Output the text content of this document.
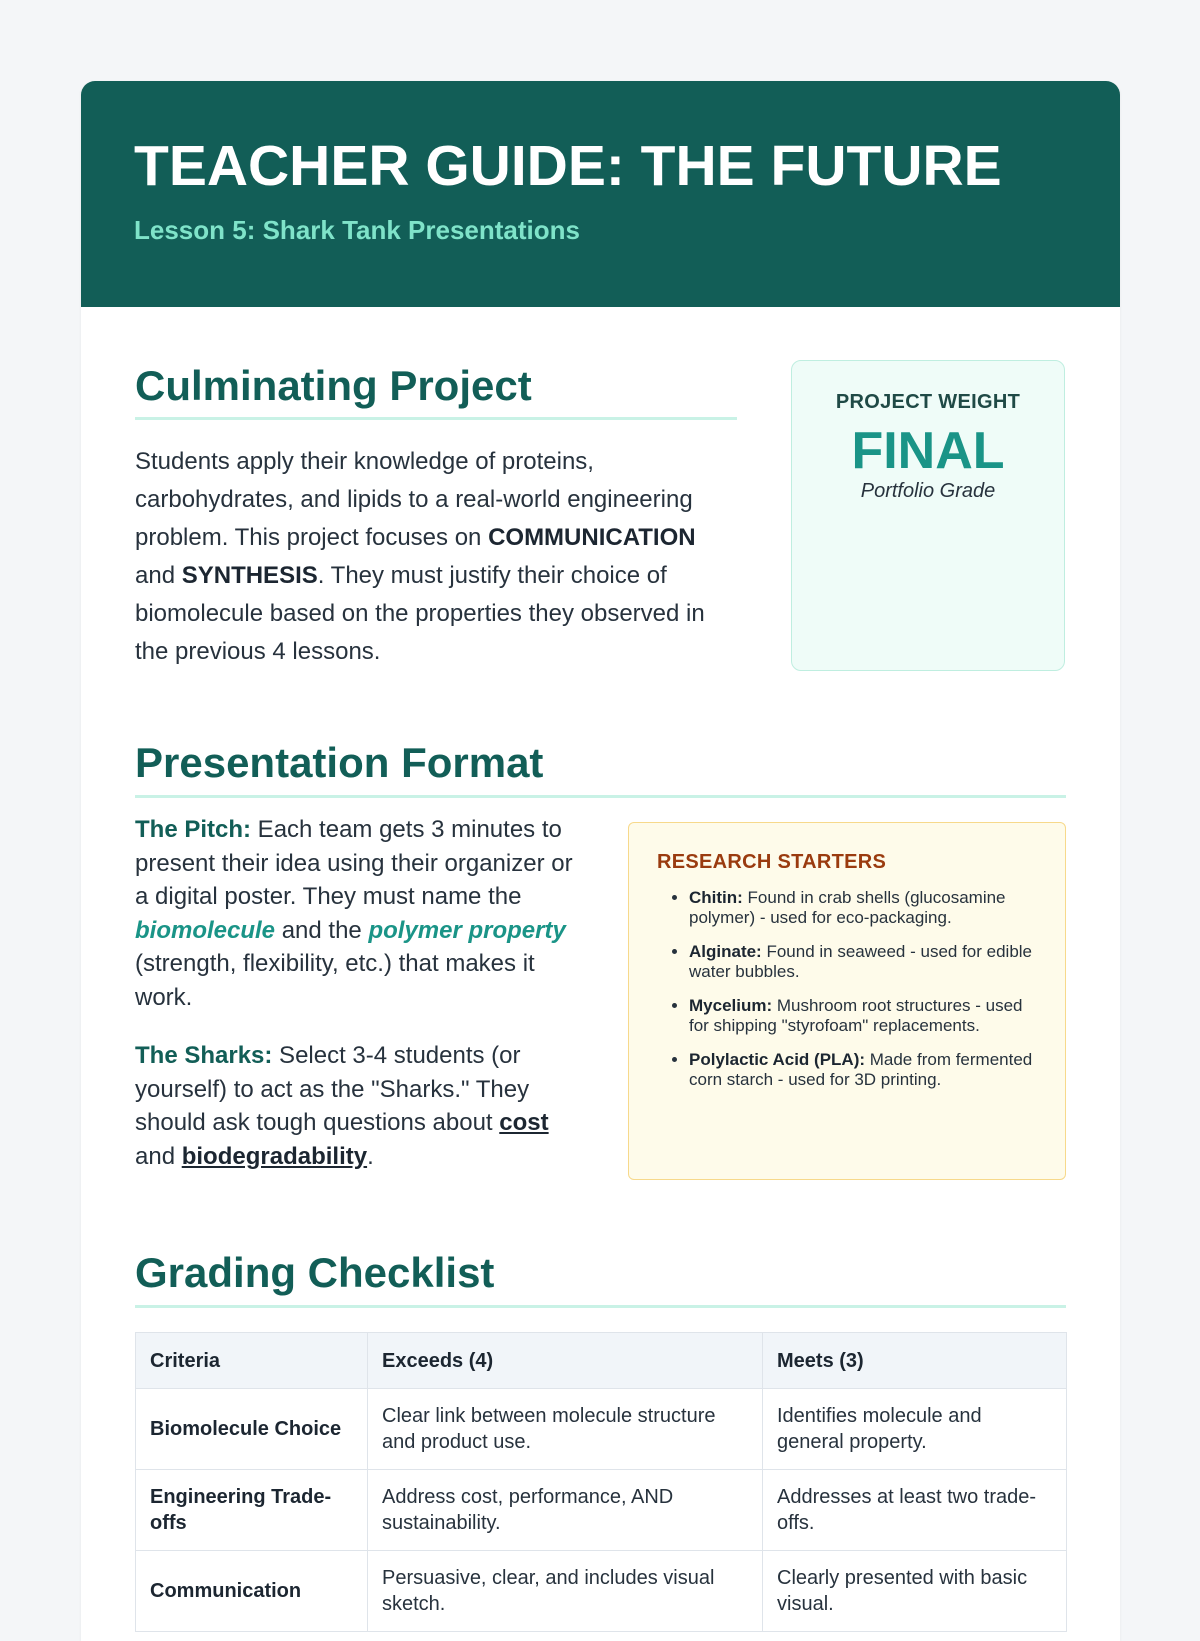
TEACHER GUIDE: THE FUTURE
Lesson 5: Shark Tank Presentations
Culminating Project
Students apply their knowledge of proteins, carbohydrates, and lipids to a real-world engineering problem. This project focuses on COMMUNICATION and SYNTHESIS. They must justify their choice of biomolecule based on the properties they observed in the previous 4 lessons.
PROJECT WEIGHT
FINAL
Portfolio Grade
Presentation Format
The Pitch: Each team gets 3 minutes to present their idea using their organizer or a digital poster. They must name the biomolecule and the polymer property (strength, flexibility, etc.) that makes it work.
The Sharks: Select 3-4 students (or yourself) to act as the "Sharks." They should ask tough questions about cost and biodegradability.
RESEARCH STARTERS
• Chitin: Found in crab shells (glucosamine polymer) - used for eco-packaging.
• Alginate: Found in seaweed - used for edible water bubbles.
• Mycelium: Mushroom root structures - used for shipping "styrofoam" replacements.
• Polylactic Acid (PLA): Made from fermented corn starch - used for 3D printing.
Grading Checklist
Criteria	Exceeds (4)	Meets (3)
Biomolecule Choice	Clear link between molecule structure and product use.	Identifies molecule and general property.
Engineering Trade-offs	Address cost, performance, AND sustainability.	Addresses at least two trade-offs.
Communication	Persuasive, clear, and includes visual sketch.	Clearly presented with basic visual.
